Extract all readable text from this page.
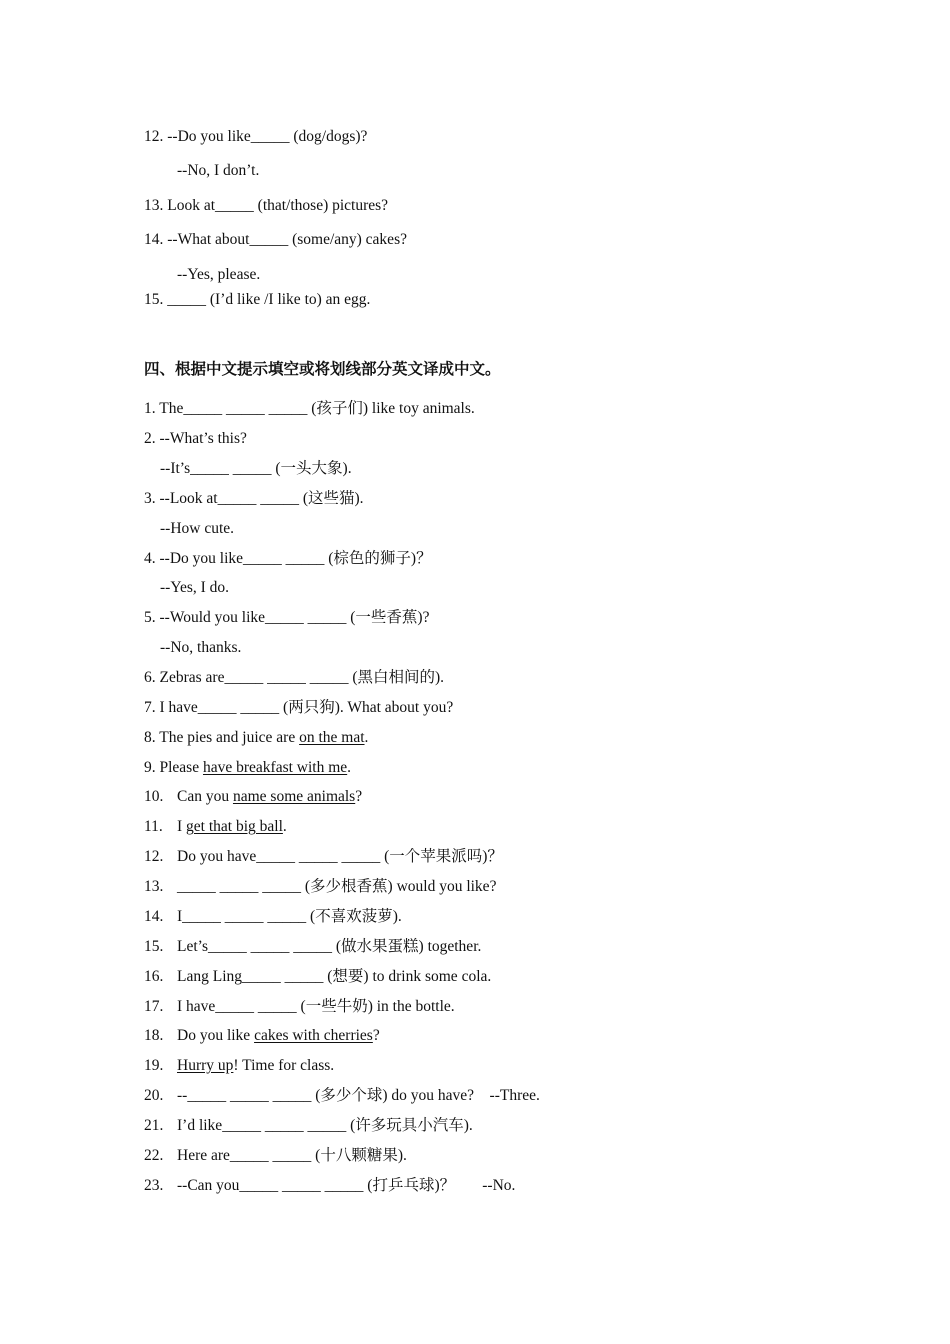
12. --Do you like_____ (dog/dogs)?
--No, I don’t.
13. Look at_____ (that/those) pictures?
14. --What about_____ (some/any) cakes?
--Yes, please.
15. _____ (I’d like /I like to) an egg.
四、根据中文提示填空或将划线部分英文译成中文。
1. The_____ _____ _____ (孩子们) like toy animals.
2. --What’s this?
--It’s_____ _____ (一头大象).
3. --Look at_____ _____ (这些猫).
--How cute.
4. --Do you like_____ _____ (棕色的狮子)？
--Yes, I do.
5. --Would you like_____ _____ (一些香蕉)?
--No, thanks.
6. Zebras are_____ _____ _____ (黑白相间的).
7. I have_____ _____ (两只狗). What about you?
8. The pies and juice are on the mat.
9. Please have breakfast with me.
10. Can you name some animals?
11. I get that big ball.
12. Do you have_____ _____ _____ (一个苹果派吗)？
13. _____ _____ _____ (多少根香蕉) would you like?
14. I_____ _____ _____ (不喜欢菠萝).
15. Let’s_____ _____ _____ (做水果蛋糕) together.
16. Lang Ling_____ _____ (想要) to drink some cola.
17. I have_____ _____ (一些牛奶) in the bottle.
18. Do you like cakes with cherries?
19. Hurry up! Time for class.
20. --_____ _____ _____ (多少个球) do you have?    --Three.
21. I’d like_____ _____ _____ (许多玩具小汽车).
22. Here are_____ _____ (十八颗糖果).
23. --Can you_____ _____ _____ (打乒乓球)？       --No.
